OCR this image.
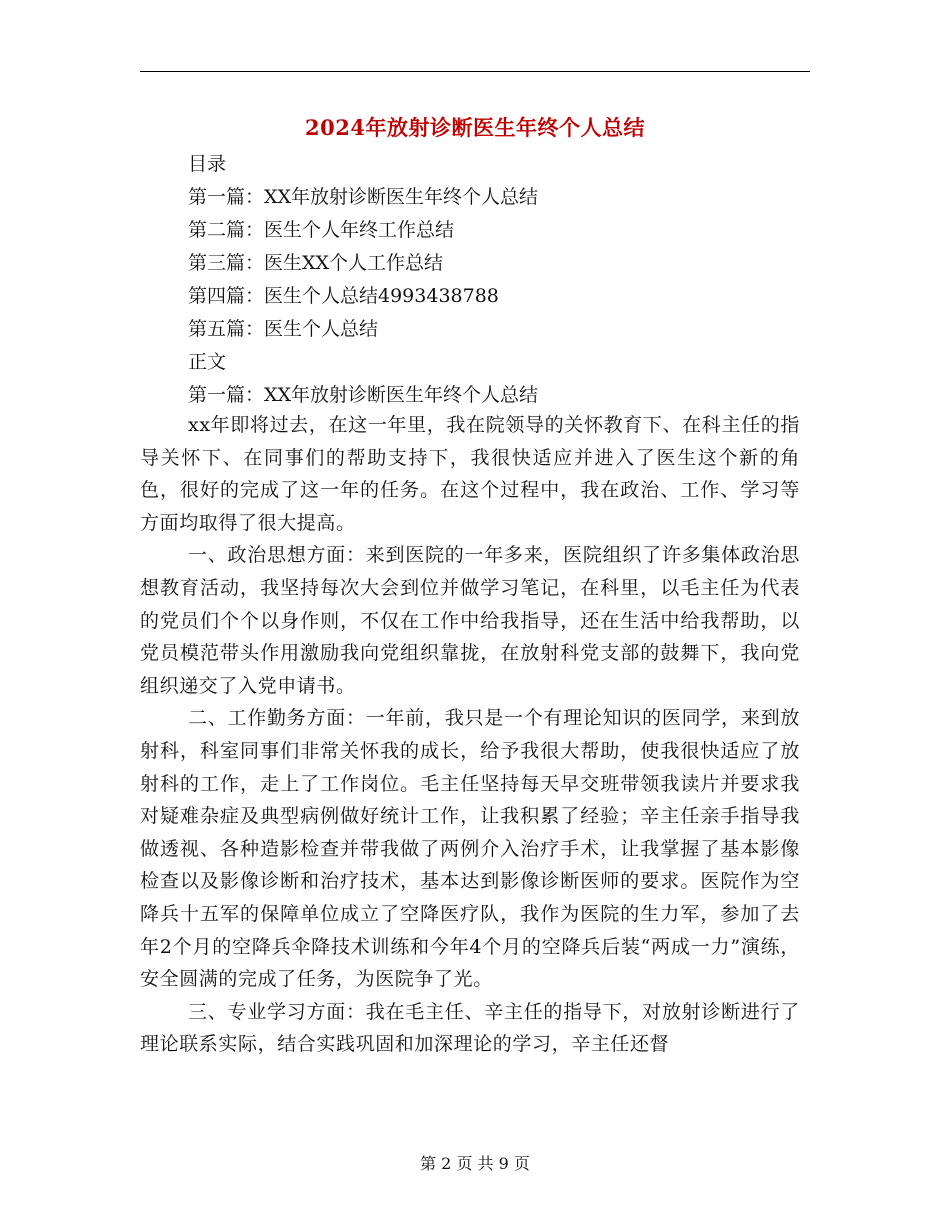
2024年放射诊断医生年终个人总结
目录
第一篇：XX年放射诊断医生年终个人总结
第二篇：医生个人年终工作总结
第三篇：医生XX个人工作总结
第四篇：医生个人总结4993438788
第五篇：医生个人总结
正文
第一篇：XX年放射诊断医生年终个人总结

xx年即将过去，在这一年里，我在院领导的关怀教育下、在科主任的指导关怀下、在同事们的帮助支持下，我很快适应并进入了医生这个新的角色，很好的完成了这一年的任务。在这个过程中，我在政治、工作、学习等方面均取得了很大提高。

一、政治思想方面：来到医院的一年多来，医院组织了许多集体政治思想教育活动，我坚持每次大会到位并做学习笔记，在科里，以毛主任为代表的党员们个个以身作则，不仅在工作中给我指导，还在生活中给我帮助，以党员模范带头作用激励我向党组织靠拢，在放射科党支部的鼓舞下，我向党组织递交了入党申请书。

二、工作勤务方面：一年前，我只是一个有理论知识的医同学，来到放射科，科室同事们非常关怀我的成长，给予我很大帮助，使我很快适应了放射科的工作，走上了工作岗位。毛主任坚持每天早交班带领我读片并要求我对疑难杂症及典型病例做好统计工作，让我积累了经验；辛主任亲手指导我做透视、各种造影检查并带我做了两例介入治疗手术，让我掌握了基本影像检查以及影像诊断和治疗技术，基本达到影像诊断医师的要求。医院作为空降兵十五军的保障单位成立了空降医疗队，我作为医院的生力军，参加了去年2个月的空降兵伞降技术训练和今年4个月的空降兵后装“两成一力”演练，安全圆满的完成了任务，为医院争了光。

三、专业学习方面：我在毛主任、辛主任的指导下，对放射诊断进行了理论联系实际，结合实践巩固和加深理论的学习，辛主任还督

第 2 页 共 9 页
